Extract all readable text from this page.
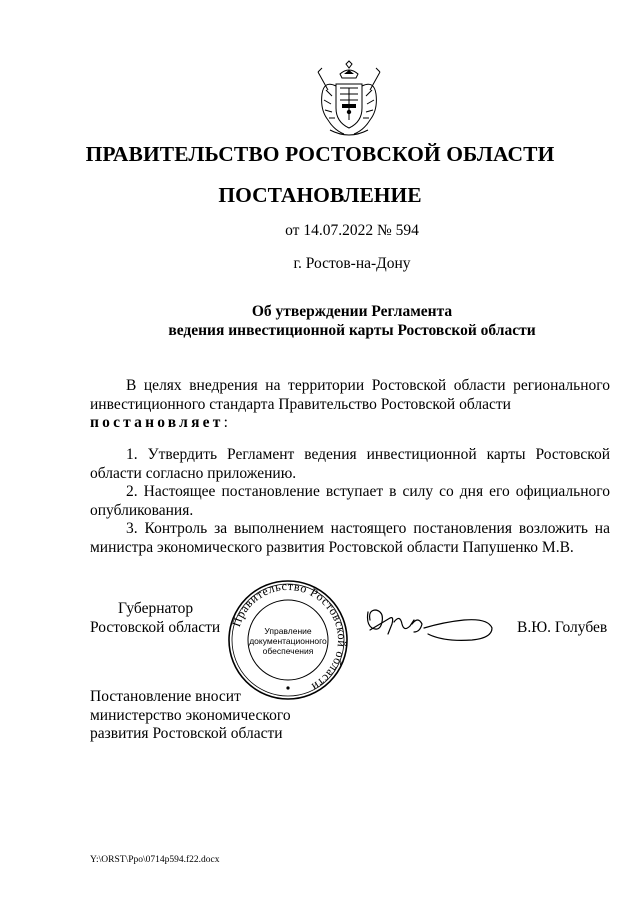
ПРАВИТЕЛЬСТВО РОСТОВСКОЙ ОБЛАСТИ
ПОСТАНОВЛЕНИЕ
от 14.07.2022 № 594
г. Ростов-на-Дону
Об утверждении Регламента
ведения инвестиционной карты Ростовской области
В целях внедрения на территории Ростовской области регионального инвестиционного стандарта Правительство Ростовской области
постановляет:
1. Утвердить Регламент ведения инвестиционной карты Ростовской области согласно приложению.
2. Настоящее постановление вступает в силу со дня его официального опубликования.
3. Контроль за выполнением настоящего постановления возложить на министра экономического развития Ростовской области Папушенко М.В.
Губернатор
Ростовской области Правительство Ростовской области
Управление
документационного
обеспечения
В.Ю. Голубев
Постановление вносит
министерство экономического
развития Ростовской области
Y:\ORST\Ppo\0714p594.f22.docx
